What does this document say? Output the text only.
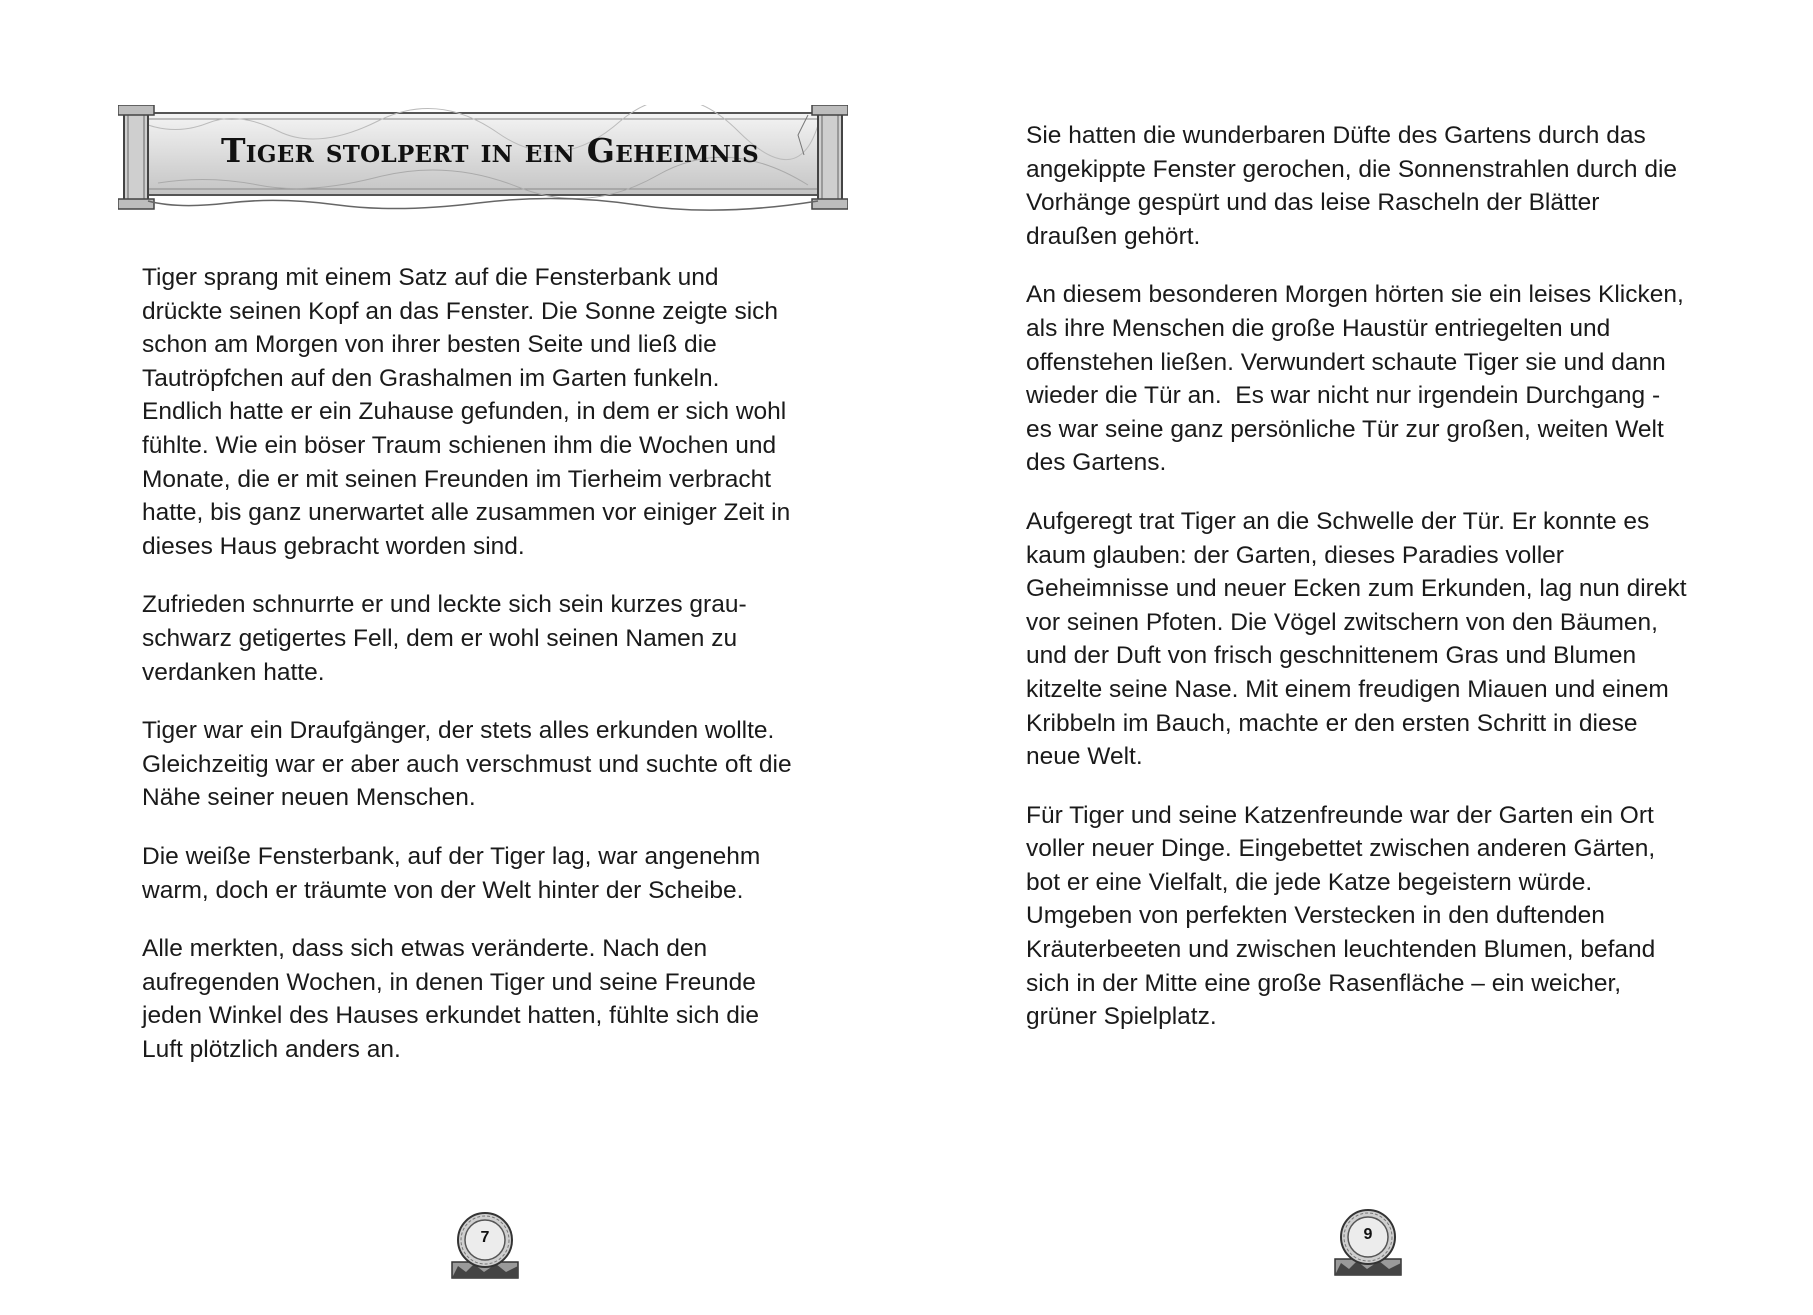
Tiger stolpert in ein Geheimnis

Tiger sprang mit einem Satz auf die Fensterbank und
drückte seinen Kopf an das Fenster. Die Sonne zeigte sich
schon am Morgen von ihrer besten Seite und ließ die
Tautröpfchen auf den Grashalmen im Garten funkeln.
Endlich hatte er ein Zuhause gefunden, in dem er sich wohl
fühlte. Wie ein böser Traum schienen ihm die Wochen und
Monate, die er mit seinen Freunden im Tierheim verbracht
hatte, bis ganz unerwartet alle zusammen vor einiger Zeit in
dieses Haus gebracht worden sind.

Zufrieden schnurrte er und leckte sich sein kurzes grau-
schwarz getigertes Fell, dem er wohl seinen Namen zu
verdanken hatte.

Tiger war ein Draufgänger, der stets alles erkunden wollte.
Gleichzeitig war er aber auch verschmust und suchte oft die
Nähe seiner neuen Menschen.

Die weiße Fensterbank, auf der Tiger lag, war angenehm
warm, doch er träumte von der Welt hinter der Scheibe.

Alle merkten, dass sich etwas veränderte. Nach den
aufregenden Wochen, in denen Tiger und seine Freunde
jeden Winkel des Hauses erkundet hatten, fühlte sich die
Luft plötzlich anders an.

7

Sie hatten die wunderbaren Düfte des Gartens durch das
angekippte Fenster gerochen, die Sonnenstrahlen durch die
Vorhänge gespürt und das leise Rascheln der Blätter
draußen gehört.

An diesem besonderen Morgen hörten sie ein leises Klicken,
als ihre Menschen die große Haustür entriegelten und
offenstehen ließen. Verwundert schaute Tiger sie und dann
wieder die Tür an.  Es war nicht nur irgendein Durchgang -
es war seine ganz persönliche Tür zur großen, weiten Welt
des Gartens.

Aufgeregt trat Tiger an die Schwelle der Tür. Er konnte es
kaum glauben: der Garten, dieses Paradies voller
Geheimnisse und neuer Ecken zum Erkunden, lag nun direkt
vor seinen Pfoten. Die Vögel zwitschern von den Bäumen,
und der Duft von frisch geschnittenem Gras und Blumen
kitzelte seine Nase. Mit einem freudigen Miauen und einem
Kribbeln im Bauch, machte er den ersten Schritt in diese
neue Welt.

Für Tiger und seine Katzenfreunde war der Garten ein Ort
voller neuer Dinge. Eingebettet zwischen anderen Gärten,
bot er eine Vielfalt, die jede Katze begeistern würde.
Umgeben von perfekten Verstecken in den duftenden
Kräuterbeeten und zwischen leuchtenden Blumen, befand
sich in der Mitte eine große Rasenfläche – ein weicher,
grüner Spielplatz.

9
